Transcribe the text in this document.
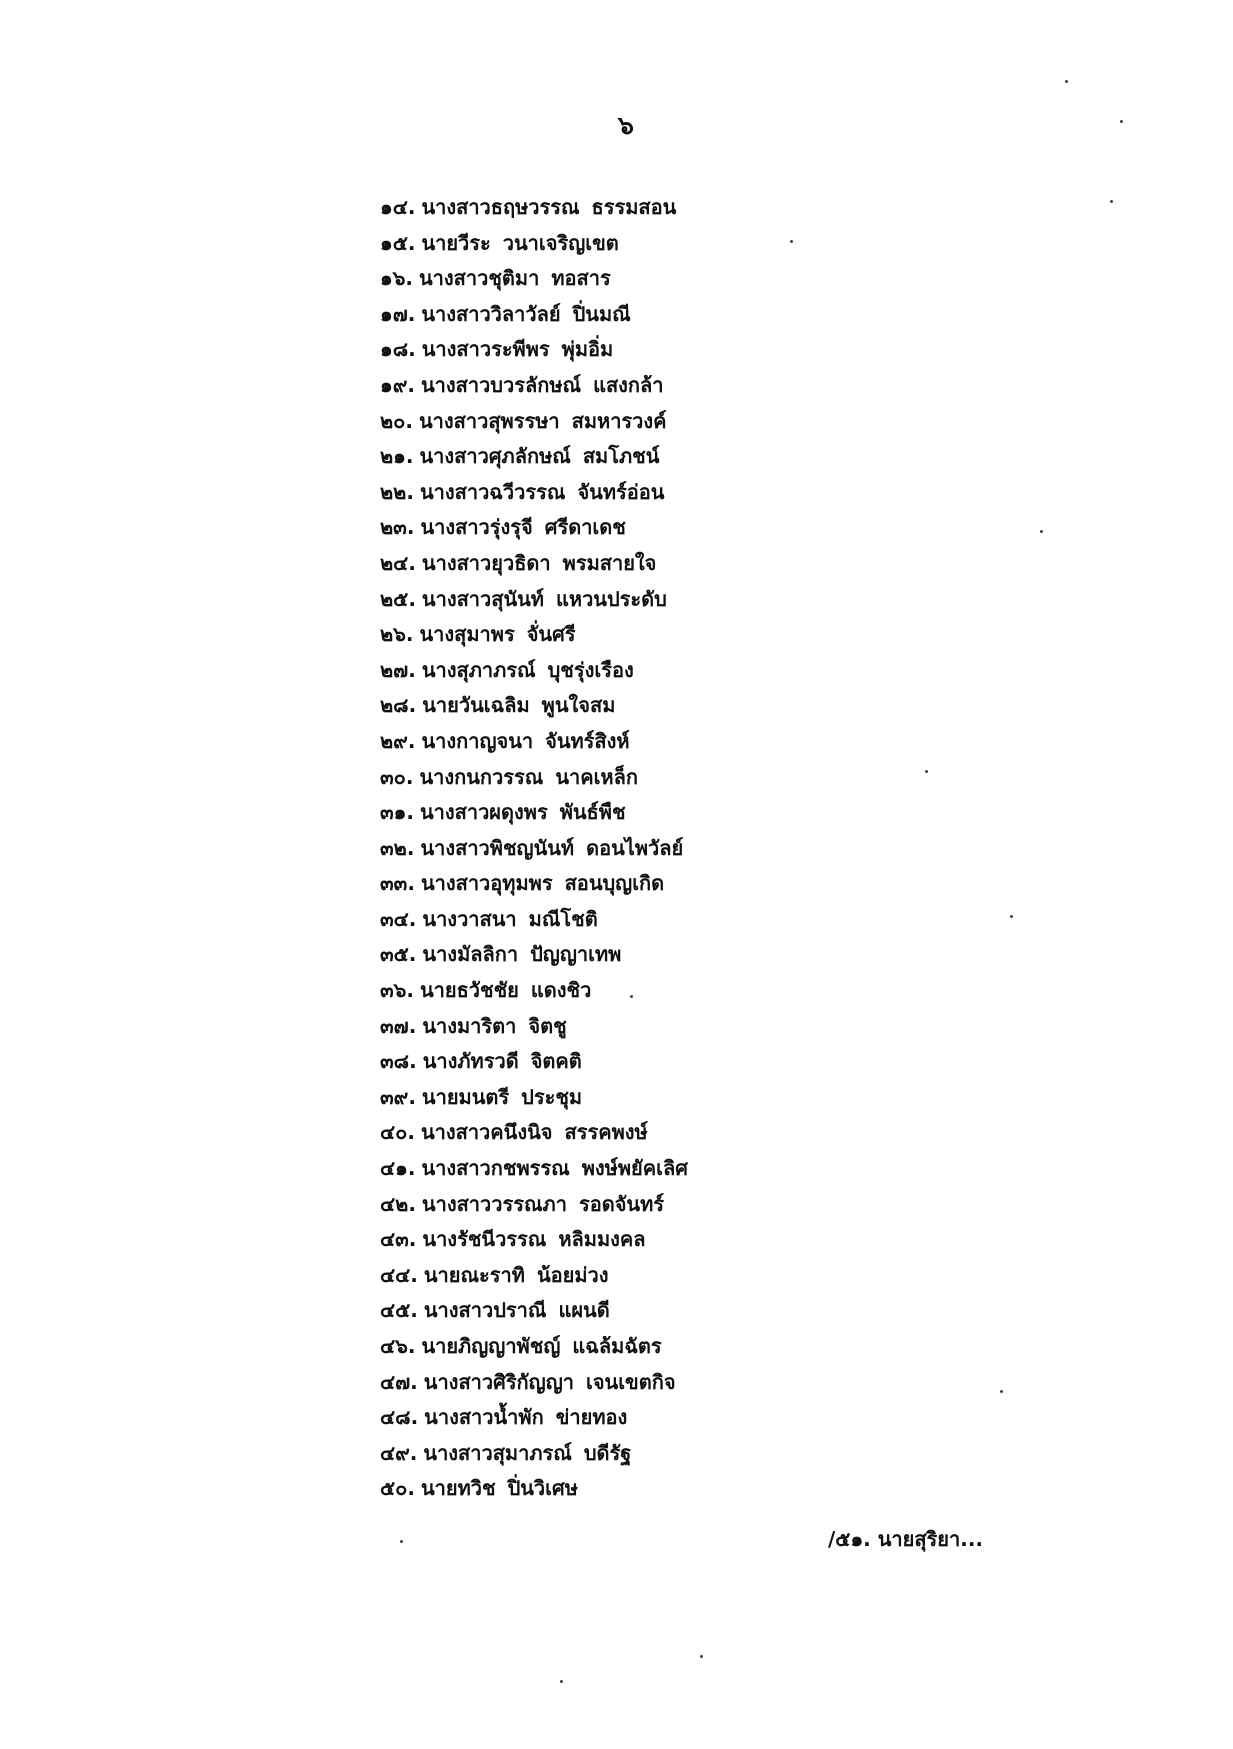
๖
๑๔. นางสาวธฤษวรรณ ธรรมสอน
๑๕. นายวีระ วนาเจริญเขต
๑๖. นางสาวชุติมา ทอสาร
๑๗. นางสาววิลาวัลย์ ปิ่นมณี
๑๘. นางสาวระพีพร พุ่มอิ่ม
๑๙. นางสาวบวรลักษณ์ แสงกล้า
๒๐. นางสาวสุพรรษา สมหารวงค์
๒๑. นางสาวศุภลักษณ์ สมโภชน์
๒๒. นางสาวฉวีวรรณ จันทร์อ่อน
๒๓. นางสาวรุ่งรุจี ศรีดาเดช
๒๔. นางสาวยุวธิดา พรมสายใจ
๒๕. นางสาวสุนันท์ แหวนประดับ
๒๖. นางสุมาพร จั่นศรี
๒๗. นางสุภาภรณ์ บุชรุ่งเรือง
๒๘. นายวันเฉลิม พูนใจสม
๒๙. นางกาญจนา จันทร์สิงห์
๓๐. นางกนกวรรณ นาคเหล็ก
๓๑. นางสาวผดุงพร พันธ์พืช
๓๒. นางสาวพิชญนันท์ ดอนไพวัลย์
๓๓. นางสาวอุทุมพร สอนบุญเกิด
๓๔. นางวาสนา มณีโชติ
๓๕. นางมัลลิกา ปัญญาเทพ
๓๖. นายธวัชชัย แดงชิว
๓๗. นางมาริตา จิตชู
๓๘. นางภัทรวดี จิตคติ
๓๙. นายมนตรี ประชุม
๔๐. นางสาวคนึงนิจ สรรคพงษ์
๔๑. นางสาวกชพรรณ พงษ์พยัคเลิศ
๔๒. นางสาววรรณภา รอดจันทร์
๔๓. นางรัชนีวรรณ หลิมมงคล
๔๔. นายณะราทิ น้อยม่วง
๔๕. นางสาวปราณี แผนดี
๔๖. นายภิญญาพัชญ์ แฉล้มฉัตร
๔๗. นางสาวศิริกัญญา เจนเขตกิจ
๔๘. นางสาวน้ำพัก ข่ายทอง
๔๙. นางสาวสุมาภรณ์ บดีรัฐ
๕๐. นายทวิช ปิ่นวิเศษ
/๕๑. นายสุริยา...
